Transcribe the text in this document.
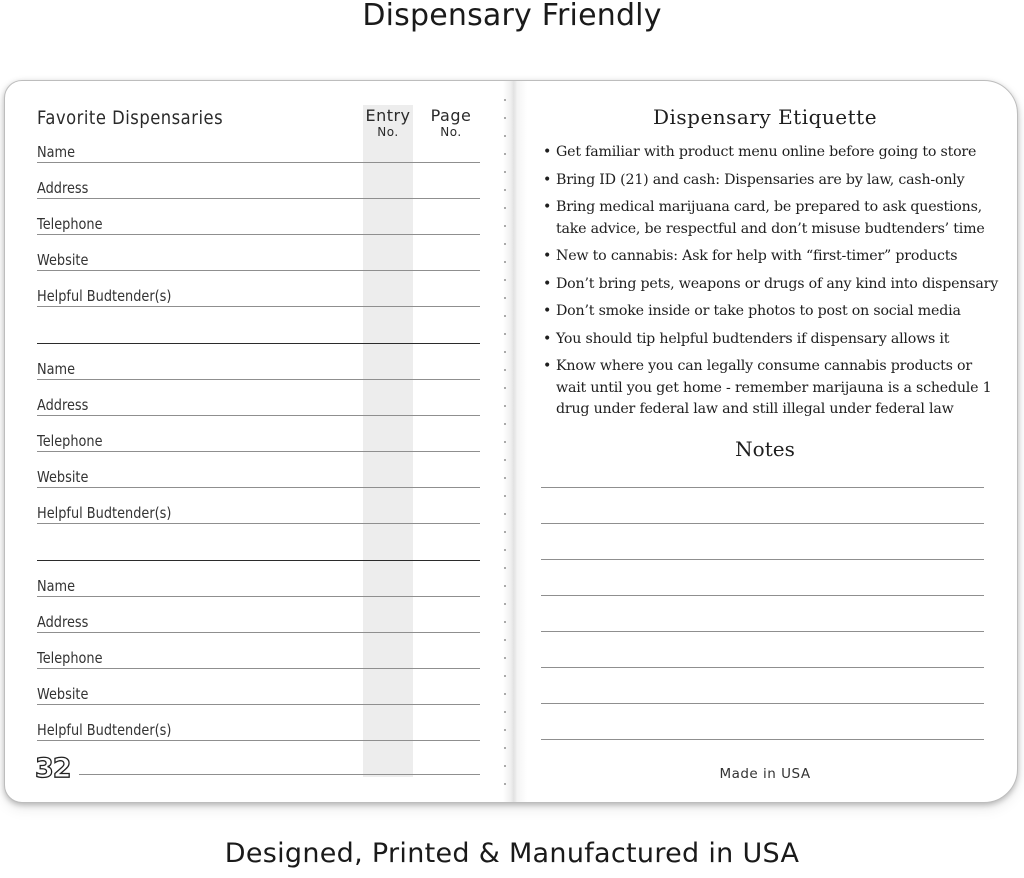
Dispensary Friendly
Favorite Dispensaries	Entry
No.
Page
No.
Name
Address
Telephone
Website
Helpful Budtender(s)
Name
Address
Telephone
Website
Helpful Budtender(s)
Name
Address
Telephone
Website
Helpful Budtender(s)
32
Dispensary Etiquette
• Get familiar with product menu online before going to store
• Bring ID (21) and cash: Dispensaries are by law, cash-only
• Bring medical marijuana card, be prepared to ask questions, take advice, be respectful and don’t misuse budtenders’ time
• New to cannabis: Ask for help with “first-timer” products
• Don’t bring pets, weapons or drugs of any kind into dispensary
• Don’t smoke inside or take photos to post on social media
• You should tip helpful budtenders if dispensary allows it
• Know where you can legally consume cannabis products or wait until you get home - remember marijauna is a schedule 1 drug under federal law and still illegal under federal law
Notes
Made in USA
Designed, Printed & Manufactured in USA
